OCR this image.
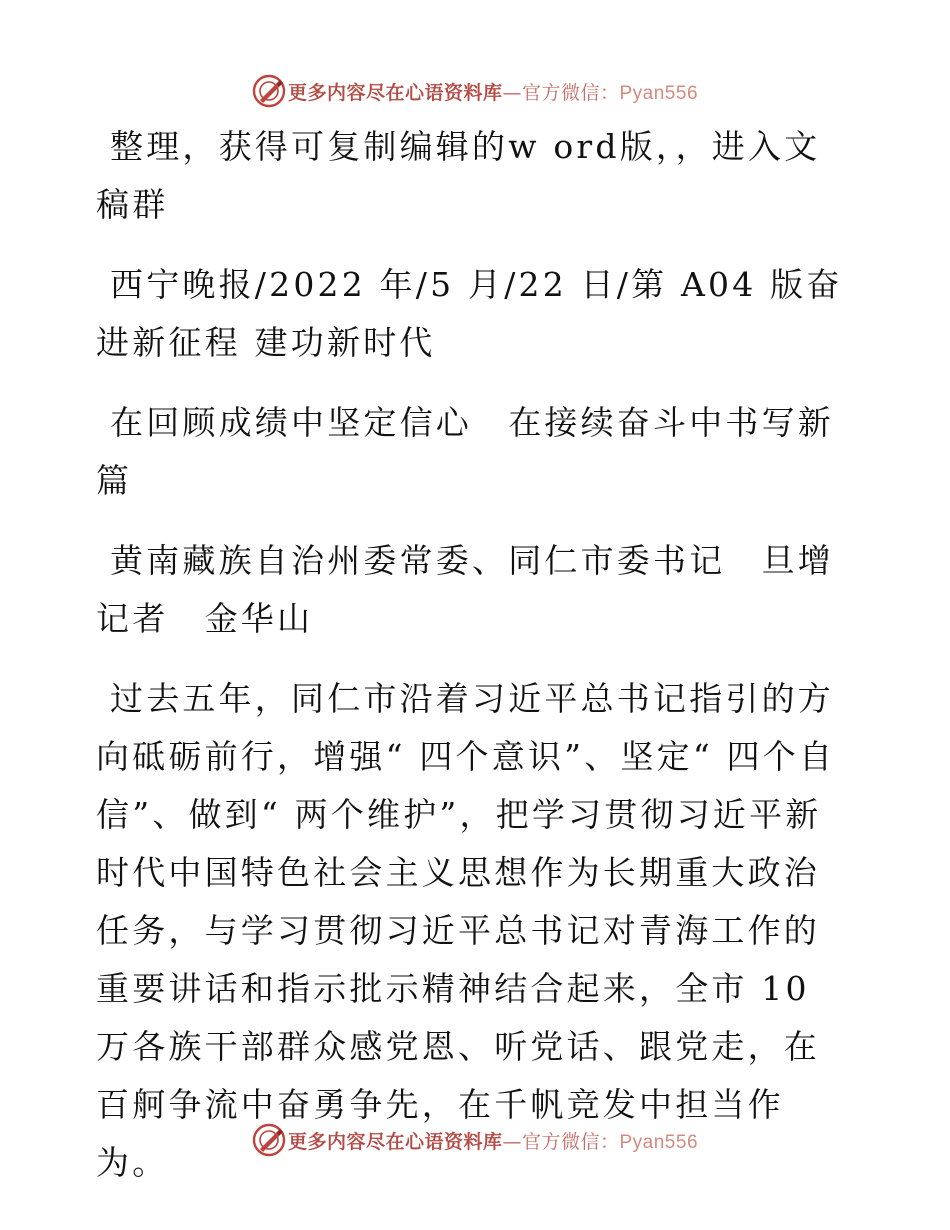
更多内容尽在心语资料库—官方微信：Pyan556

整理，获得可复制编辑的w ord版，，进入文稿群

西宁晚报/2022 年/5 月/22 日/第 A04 版奋进新征程 建功新时代

在回顾成绩中坚定信心　在接续奋斗中书写新篇

黄南藏族自治州委常委、同仁市委书记　旦增

记者　金华山

过去五年，同仁市沿着习近平总书记指引的方向砥砺前行，增强“ 四个意识”、坚定“ 四个自信”、做到“ 两个维护”，把学习贯彻习近平新时代中国特色社会主义思想作为长期重大政治任务，与学习贯彻习近平总书记对青海工作的重要讲话和指示批示精神结合起来，全市 10 万各族干部群众感党恩、听党话、跟党走，在百舸争流中奋勇争先，在千帆竞发中担当作为。

更多内容尽在心语资料库—官方微信：Pyan556
